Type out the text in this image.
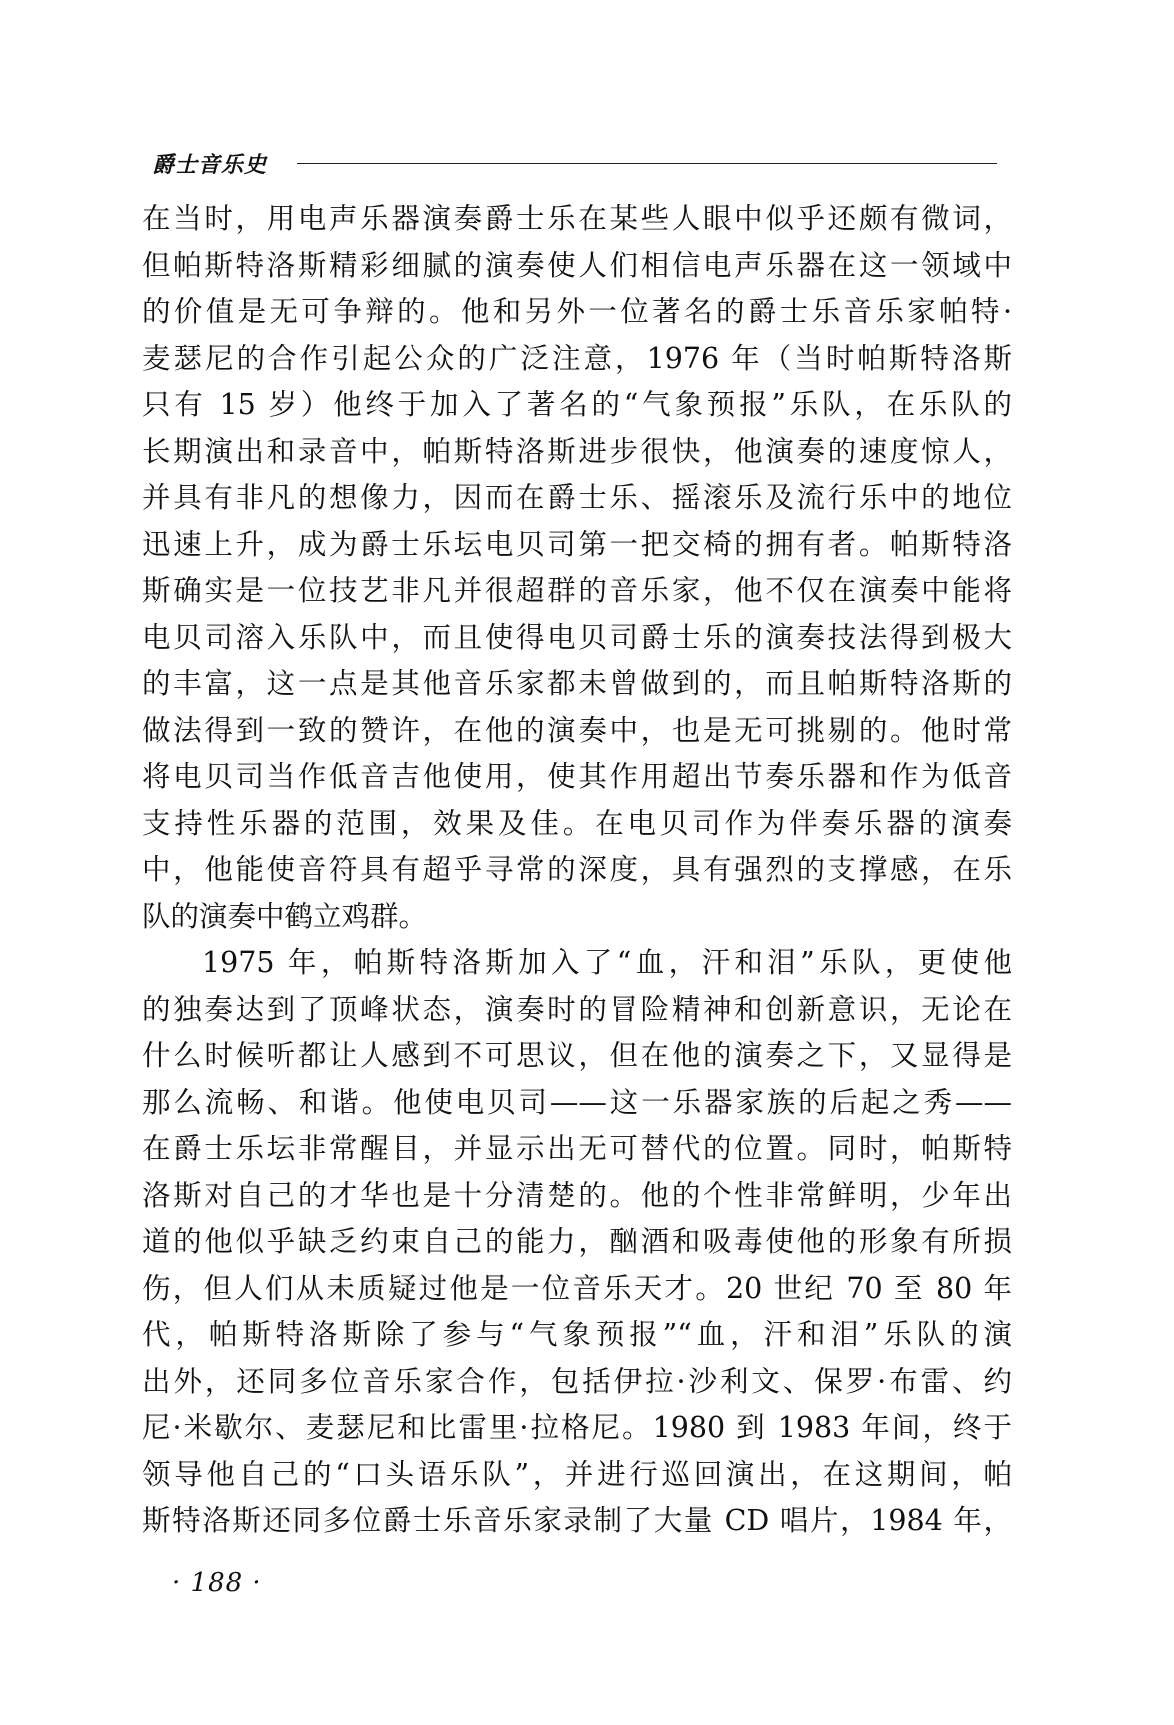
爵士音乐史
在当时，用电声乐器演奏爵士乐在某些人眼中似乎还颇有微词，
但帕斯特洛斯精彩细腻的演奏使人们相信电声乐器在这一领域中
的价值是无可争辩的。他和另外一位著名的爵士乐音乐家帕特·
麦瑟尼的合作引起公众的广泛注意，1976 年（当时帕斯特洛斯
只有 15 岁）他终于加入了著名的“气象预报”乐队，在乐队的
长期演出和录音中，帕斯特洛斯进步很快，他演奏的速度惊人，
并具有非凡的想像力，因而在爵士乐、摇滚乐及流行乐中的地位
迅速上升，成为爵士乐坛电贝司第一把交椅的拥有者。帕斯特洛
斯确实是一位技艺非凡并很超群的音乐家，他不仅在演奏中能将
电贝司溶入乐队中，而且使得电贝司爵士乐的演奏技法得到极大
的丰富，这一点是其他音乐家都未曾做到的，而且帕斯特洛斯的
做法得到一致的赞许，在他的演奏中，也是无可挑剔的。他时常
将电贝司当作低音吉他使用，使其作用超出节奏乐器和作为低音
支持性乐器的范围，效果及佳。在电贝司作为伴奏乐器的演奏
中，他能使音符具有超乎寻常的深度，具有强烈的支撑感，在乐
队的演奏中鹤立鸡群。
1975 年，帕斯特洛斯加入了“血，汗和泪”乐队，更使他
的独奏达到了顶峰状态，演奏时的冒险精神和创新意识，无论在
什么时候听都让人感到不可思议，但在他的演奏之下，又显得是
那么流畅、和谐。他使电贝司——这一乐器家族的后起之秀——
在爵士乐坛非常醒目，并显示出无可替代的位置。同时，帕斯特
洛斯对自己的才华也是十分清楚的。他的个性非常鲜明，少年出
道的他似乎缺乏约束自己的能力，酗酒和吸毒使他的形象有所损
伤，但人们从未质疑过他是一位音乐天才。20 世纪 70 至 80 年
代，帕斯特洛斯除了参与“气象预报”“血，汗和泪”乐队的演
出外，还同多位音乐家合作，包括伊拉·沙利文、保罗·布雷、约
尼·米歇尔、麦瑟尼和比雷里·拉格尼。1980 到 1983 年间，终于
领导他自己的“口头语乐队”，并进行巡回演出，在这期间，帕
斯特洛斯还同多位爵士乐音乐家录制了大量 CD 唱片，1984 年，
· 188 ·
